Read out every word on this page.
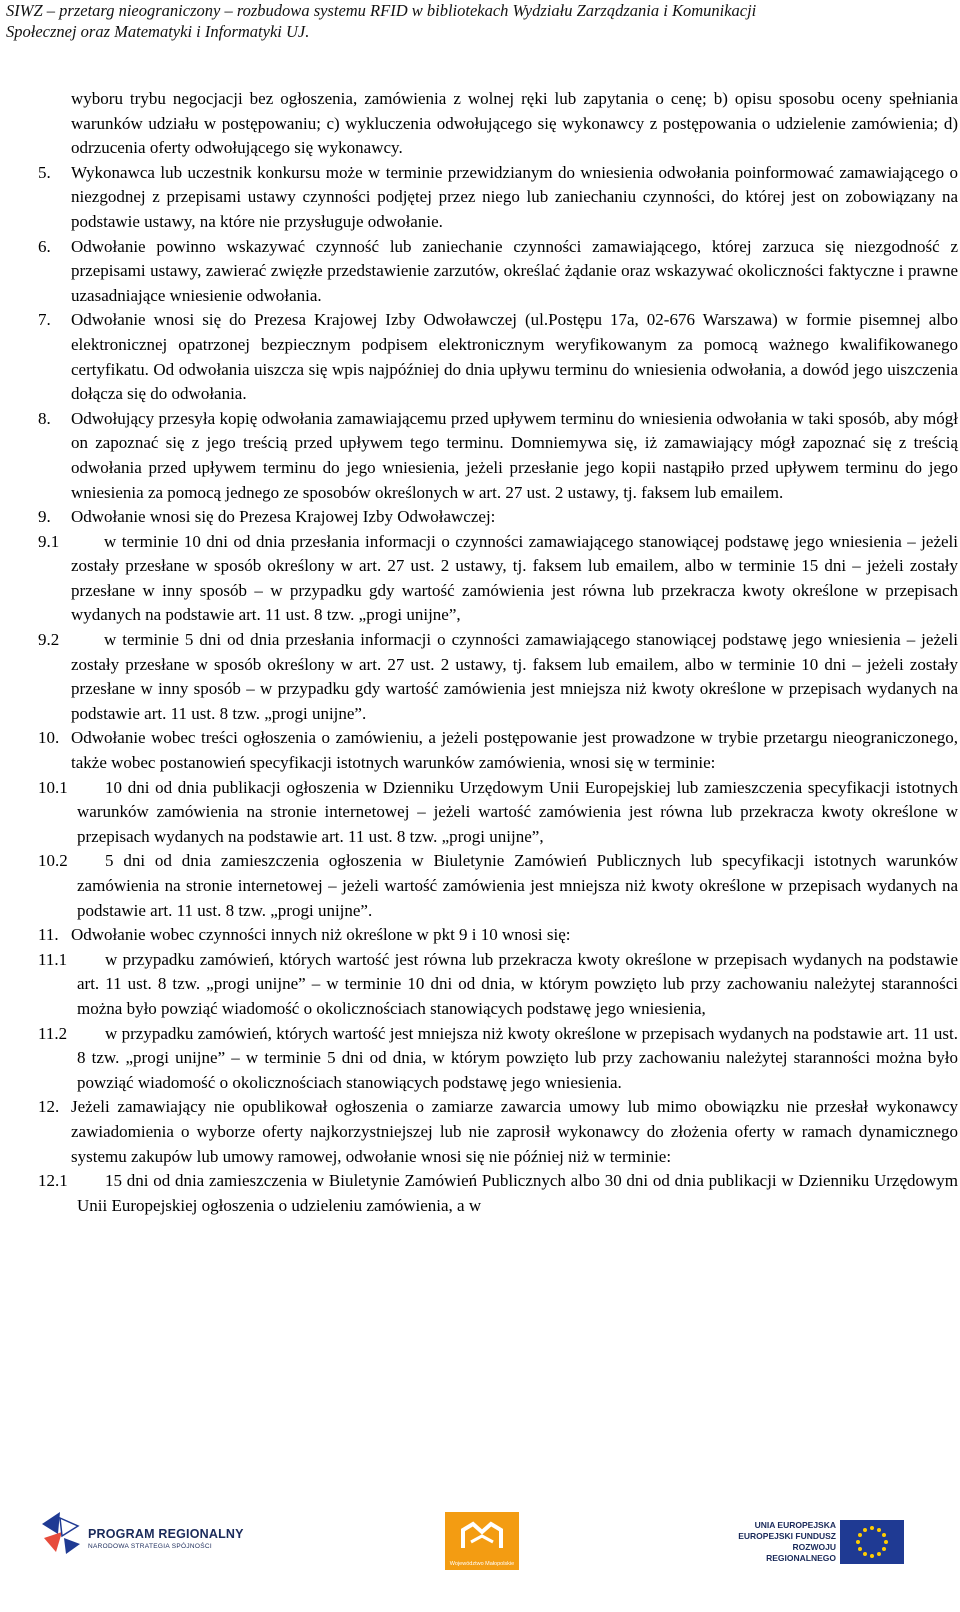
SIWZ – przetarg nieograniczony – rozbudowa systemu RFID w bibliotekach Wydziału Zarządzania i Komunikacji
Społecznej oraz Matematyki i Informatyki UJ.

wyboru trybu negocjacji bez ogłoszenia, zamówienia z wolnej ręki lub zapytania o cenę; b) opisu sposobu oceny spełniania warunków udziału w postępowaniu; c) wykluczenia odwołującego się wykonawcy z postępowania o udzielenie zamówienia; d) odrzucenia oferty odwołującego się wykonawcy.

5. Wykonawca lub uczestnik konkursu może w terminie przewidzianym do wniesienia odwołania poinformować zamawiającego o niezgodnej z przepisami ustawy czynności podjętej przez niego lub zaniechaniu czynności, do której jest on zobowiązany na podstawie ustawy, na które nie przysługuje odwołanie.
6. Odwołanie powinno wskazywać czynność lub zaniechanie czynności zamawiającego, której zarzuca się niezgodność z przepisami ustawy, zawierać zwięzłe przedstawienie zarzutów, określać żądanie oraz wskazywać okoliczności faktyczne i prawne uzasadniające wniesienie odwołania.
7. Odwołanie wnosi się do Prezesa Krajowej Izby Odwoławczej (ul.Postępu 17a, 02-676 Warszawa) w formie pisemnej albo elektronicznej opatrzonej bezpiecznym podpisem elektronicznym weryfikowanym za pomocą ważnego kwalifikowanego certyfikatu. Od odwołania uiszcza się wpis najpóźniej do dnia upływu terminu do wniesienia odwołania, a dowód jego uiszczenia dołącza się do odwołania.
8. Odwołujący przesyła kopię odwołania zamawiającemu przed upływem terminu do wniesienia odwołania w taki sposób, aby mógł on zapoznać się z jego treścią przed upływem tego terminu. Domniemywa się, iż zamawiający mógł zapoznać się z treścią odwołania przed upływem terminu do jego wniesienia, jeżeli przesłanie jego kopii nastąpiło przed upływem terminu do jego wniesienia za pomocą jednego ze sposobów określonych w art. 27 ust. 2 ustawy, tj. faksem lub emailem.
9. Odwołanie wnosi się do Prezesa Krajowej Izby Odwoławczej:
9.1	w terminie 10 dni od dnia przesłania informacji o czynności zamawiającego stanowiącej podstawę jego wniesienia – jeżeli zostały przesłane w sposób określony w art. 27 ust. 2 ustawy, tj. faksem lub emailem, albo w terminie 15 dni – jeżeli zostały przesłane w inny sposób – w przypadku gdy wartość zamówienia jest równa lub przekracza kwoty określone w przepisach wydanych na podstawie art. 11 ust. 8 tzw. „progi unijne”,
9.2	w terminie 5 dni od dnia przesłania informacji o czynności zamawiającego stanowiącej podstawę jego wniesienia – jeżeli zostały przesłane w sposób określony w art. 27 ust. 2 ustawy, tj. faksem lub emailem, albo w terminie 10 dni – jeżeli zostały przesłane w inny sposób – w przypadku gdy wartość zamówienia jest mniejsza niż kwoty określone w przepisach wydanych na podstawie art. 11 ust. 8 tzw. „progi unijne”.
10. Odwołanie wobec treści ogłoszenia o zamówieniu, a jeżeli postępowanie jest prowadzone w trybie przetargu nieograniczonego, także wobec postanowień specyfikacji istotnych warunków zamówienia, wnosi się w terminie:
10.1 10 dni od dnia publikacji ogłoszenia w Dzienniku Urzędowym Unii Europejskiej lub zamieszczenia specyfikacji istotnych warunków zamówienia na stronie internetowej – jeżeli wartość zamówienia jest równa lub przekracza kwoty określone w przepisach wydanych na podstawie art. 11 ust. 8 tzw. „progi unijne”,
10.2 5 dni od dnia zamieszczenia ogłoszenia w Biuletynie Zamówień Publicznych lub specyfikacji istotnych warunków zamówienia na stronie internetowej – jeżeli wartość zamówienia jest mniejsza niż kwoty określone w przepisach wydanych na podstawie art. 11 ust. 8 tzw. „progi unijne”.
11. Odwołanie wobec czynności innych niż określone w pkt 9 i 10 wnosi się:
11.1 w przypadku zamówień, których wartość jest równa lub przekracza kwoty określone w przepisach wydanych na podstawie art. 11 ust. 8 tzw. „progi unijne” – w terminie 10 dni od dnia, w którym powzięto lub przy zachowaniu należytej staranności można było powziąć wiadomość o okolicznościach stanowiących podstawę jego wniesienia,
11.2 w przypadku zamówień, których wartość jest mniejsza niż kwoty określone w przepisach wydanych na podstawie art. 11 ust. 8 tzw. „progi unijne” – w terminie 5 dni od dnia, w którym powzięto lub przy zachowaniu należytej staranności można było powziąć wiadomość o okolicznościach stanowiących podstawę jego wniesienia.
12. Jeżeli zamawiający nie opublikował ogłoszenia o zamiarze zawarcia umowy lub mimo obowiązku nie przesłał wykonawcy zawiadomienia o wyborze oferty najkorzystniejszej lub nie zaprosił wykonawcy do złożenia oferty w ramach dynamicznego systemu zakupów lub umowy ramowej, odwołanie wnosi się nie później niż w terminie:
12.1 15 dni od dnia zamieszczenia w Biuletynie Zamówień Publicznych albo 30 dni od dnia publikacji w Dzienniku Urzędowym Unii Europejskiej ogłoszenia o udzieleniu zamówienia, a w
PROGRAM REGIONALNY
NARODOWA STRATEGIA SPÓJNOŚCI
Województwo Małopolskie
UNIA EUROPEJSKA
EUROPEJSKI FUNDUSZ
ROZWOJU REGIONALNEGO
